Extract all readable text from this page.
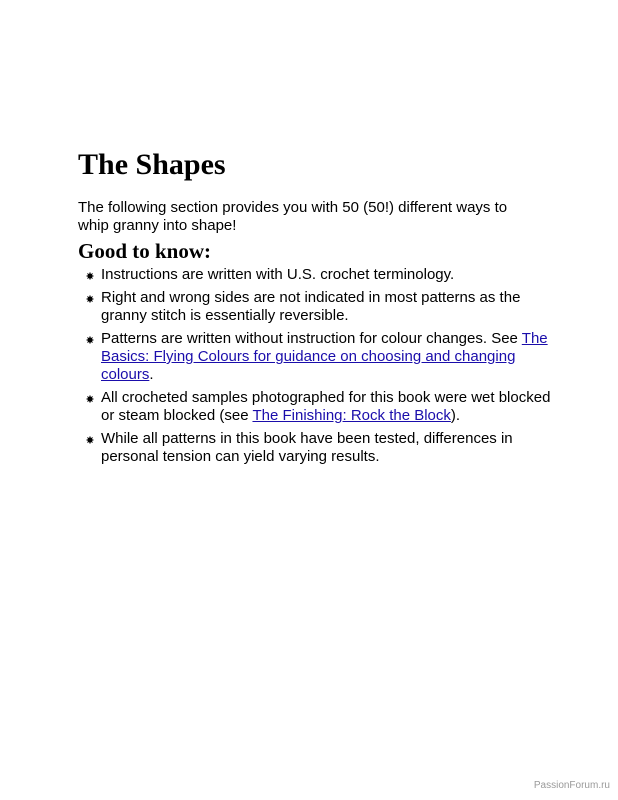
The Shapes

The following section provides you with 50 (50!) different ways to whip granny into shape!

Good to know:
Instructions are written with U.S. crochet terminology.
Right and wrong sides are not indicated in most patterns as the granny stitch is essentially reversible.
Patterns are written without instruction for colour changes. See The Basics: Flying Colours for guidance on choosing and changing colours.
All crocheted samples photographed for this book were wet blocked or steam blocked (see The Finishing: Rock the Block).
While all patterns in this book have been tested, differences in personal tension can yield varying results.
PassionForum.ru
